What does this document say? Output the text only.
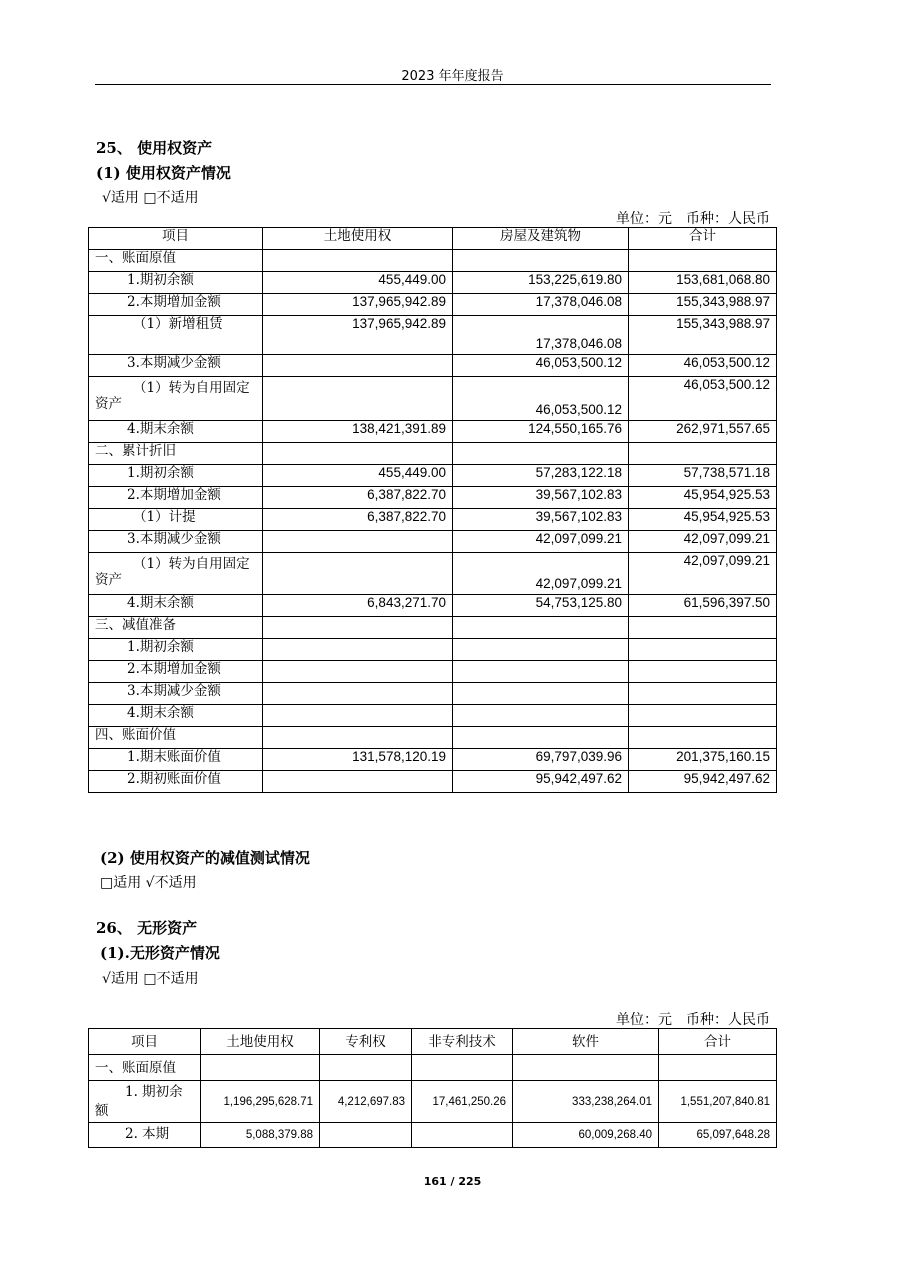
2023 年年度报告
25、 使用权资产
(1) 使用权资产情况
√适用 □不适用
单位：元　币种：人民币
项目	土地使用权	房屋及建筑物	合计
一、账面原值			
1.期初余额	455,449.00	153,225,619.80	153,681,068.80
2.本期增加金额	137,965,942.89	17,378,046.08	155,343,988.97
（1）新增租赁	137,965,942.89	17,378,046.08	155,343,988.97
3.本期减少金额		46,053,500.12	46,053,500.12
（1）转为自用固定资产		46,053,500.12	46,053,500.12
4.期末余额	138,421,391.89	124,550,165.76	262,971,557.65
二、累计折旧			
1.期初余额	455,449.00	57,283,122.18	57,738,571.18
2.本期增加金额	6,387,822.70	39,567,102.83	45,954,925.53
（1）计提	6,387,822.70	39,567,102.83	45,954,925.53
3.本期减少金额		42,097,099.21	42,097,099.21
（1）转为自用固定资产		42,097,099.21	42,097,099.21
4.期末余额	6,843,271.70	54,753,125.80	61,596,397.50
三、减值准备			
1.期初余额			
2.本期增加金额			
3.本期减少金额			
4.期末余额			
四、账面价值			
1.期末账面价值	131,578,120.19	69,797,039.96	201,375,160.15
2.期初账面价值		95,942,497.62	95,942,497.62
(2) 使用权资产的减值测试情况
□适用 √不适用
26、 无形资产
(1).无形资产情况
√适用 □不适用
单位：元　币种：人民币
项目	土地使用权	专利权	非专利技术	软件	合计
一、账面原值					
1. 期初余额	1,196,295,628.71	4,212,697.83	17,461,250.26	333,238,264.01	1,551,207,840.81
2. 本期	5,088,379.88			60,009,268.40	65,097,648.28
161 / 225
